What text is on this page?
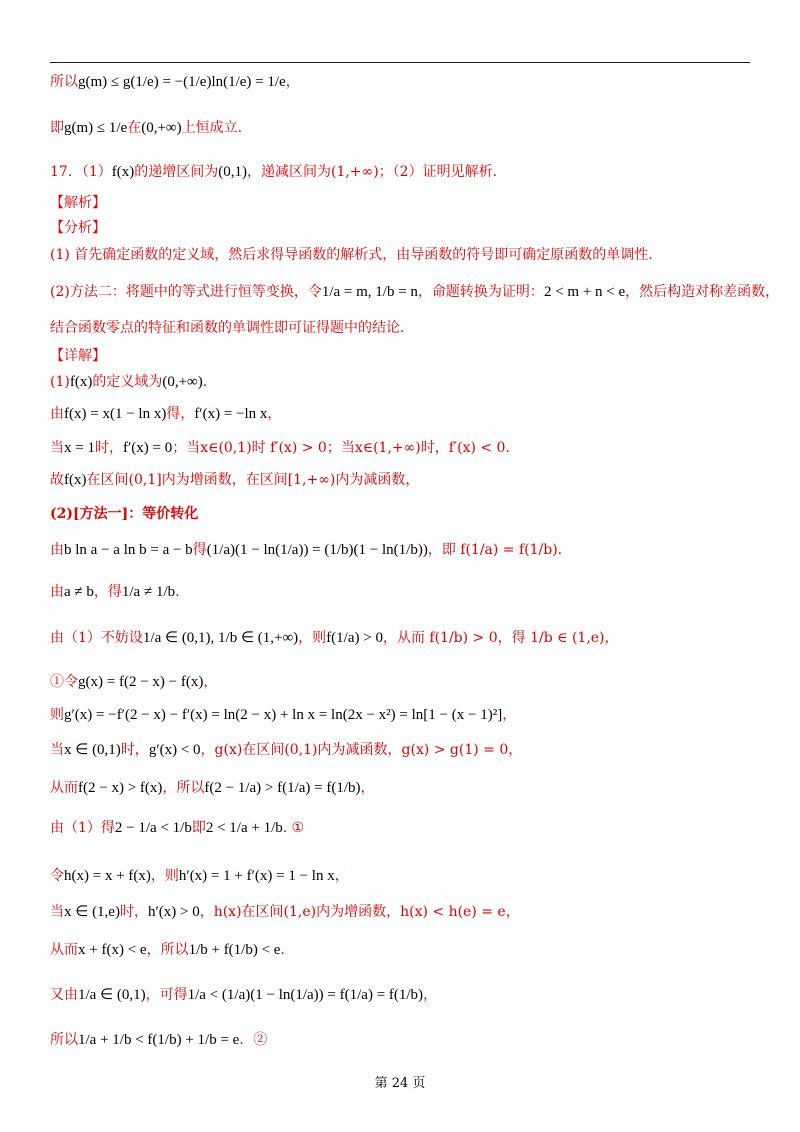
所以g(m) ≤ g(1/e) = −(1/e)ln(1/e) = 1/e，
即g(m) ≤ 1/e在(0,+∞)上恒成立.
17．（1）f(x)的递增区间为(0,1)，递减区间为(1,+∞)；（2）证明见解析.
【解析】
【分析】
(1) 首先确定函数的定义域，然后求得导函数的解析式，由导函数的符号即可确定原函数的单调性.
(2)方法二：将题中的等式进行恒等变换，令1/a = m, 1/b = n，命题转换为证明：2 < m + n < e，然后构造对称差函数，
结合函数零点的特征和函数的单调性即可证得题中的结论.
【详解】
(1)f(x)的定义域为(0,+∞).
由f(x) = x(1 − ln x)得，f′(x) = −ln x，
当x = 1时，f′(x) = 0；当x∈(0,1)时 f′(x) > 0；当x∈(1,+∞)时，f′(x) < 0.
故f(x)在区间(0,1]内为增函数，在区间[1,+∞)内为减函数，
(2)[方法一]：等价转化
由b ln a − a ln b = a − b得(1/a)(1 − ln(1/a)) = (1/b)(1 − ln(1/b))，即 f(1/a) = f(1/b).
由a ≠ b，得1/a ≠ 1/b.
由（1）不妨设1/a ∈ (0,1), 1/b ∈ (1,+∞)，则f(1/a) > 0，从而 f(1/b) > 0，得 1/b ∈ (1,e)，
①令g(x) = f(2 − x) − f(x)，
则g′(x) = −f′(2 − x) − f′(x) = ln(2 − x) + ln x = ln(2x − x²) = ln[1 − (x − 1)²]，
当x ∈ (0,1)时，g′(x) < 0，g(x)在区间(0,1)内为减函数，g(x) > g(1) = 0，
从而f(2 − x) > f(x)，所以f(2 − 1/a) > f(1/a) = f(1/b)，
由（1）得2 − 1/a < 1/b即2 < 1/a + 1/b. ①
令h(x) = x + f(x)，则h′(x) = 1 + f′(x) = 1 − ln x，
当x ∈ (1,e)时，h′(x) > 0，h(x)在区间(1,e)内为增函数，h(x) < h(e) = e，
从而x + f(x) < e，所以1/b + f(1/b) < e.
又由1/a ∈ (0,1)，可得1/a < (1/a)(1 − ln(1/a)) = f(1/a) = f(1/b)，
所以1/a + 1/b < f(1/b) + 1/b = e．②
第 24 页
